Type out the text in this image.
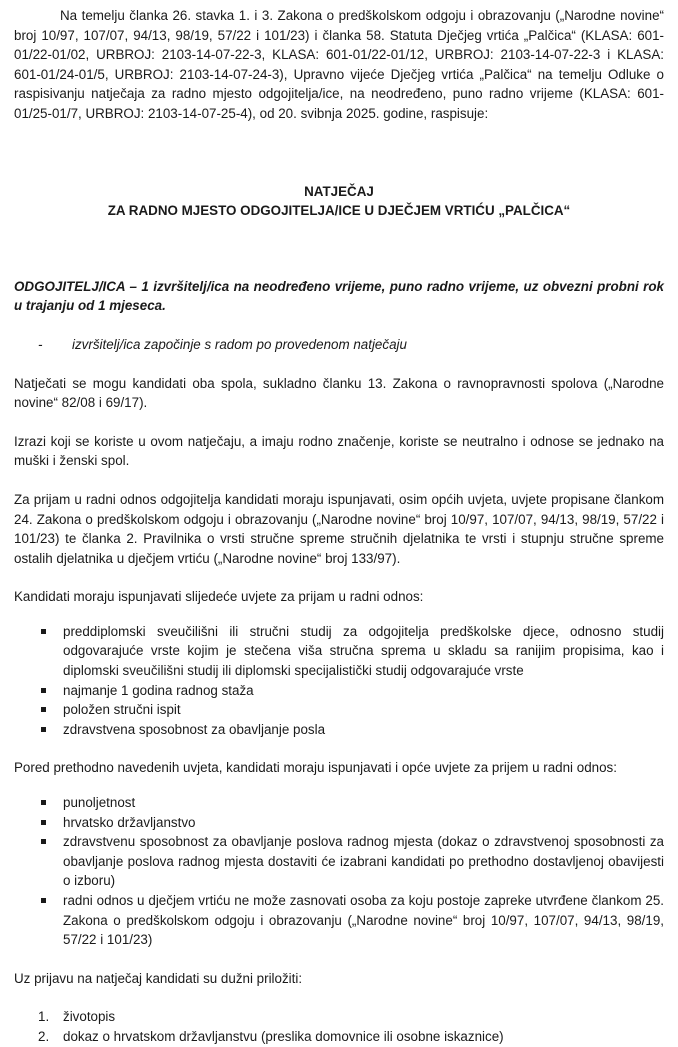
Na temelju članka 26. stavka 1. i 3. Zakona o predškolskom odgoju i obrazovanju („Narodne novine“ broj 10/97, 107/07, 94/13, 98/19, 57/22 i 101/23) i članka 58. Statuta Dječjeg vrtića „Palčica“ (KLASA: 601-01/22-01/02, URBROJ: 2103-14-07-22-3, KLASA: 601-01/22-01/12, URBROJ: 2103-14-07-22-3 i KLASA: 601-01/24-01/5, URBROJ: 2103-14-07-24-3), Upravno vijeće Dječjeg vrtića „Palčica“ na temelju Odluke o raspisivanju natječaja za radno mjesto odgojitelja/ice, na neodređeno, puno radno vrijeme (KLASA: 601-01/25-01/7, URBROJ: 2103-14-07-25-4), od 20. svibnja 2025. godine, raspisuje:

NATJEČAJ
ZA RADNO MJESTO ODGOJITELJA/ICE U DJEČJEM VRTIĆU „PALČICA“

ODGOJITELJ/ICA – 1 izvršitelj/ica na neodređeno vrijeme, puno radno vrijeme, uz obvezni probni rok u trajanju od 1 mjeseca.

-	izvršitelj/ica započinje s radom po provedenom natječaju

Natječati se mogu kandidati oba spola, sukladno članku 13. Zakona o ravnopravnosti spolova („Narodne novine“ 82/08 i 69/17).

Izrazi koji se koriste u ovom natječaju, a imaju rodno značenje, koriste se neutralno i odnose se jednako na muški i ženski spol.

Za prijam u radni odnos odgojitelja kandidati moraju ispunjavati, osim općih uvjeta, uvjete propisane člankom 24. Zakona o predškolskom odgoju i obrazovanju („Narodne novine“ broj 10/97, 107/07, 94/13, 98/19, 57/22 i 101/23) te članka 2. Pravilnika o vrsti stručne spreme stručnih djelatnika te vrsti i stupnju stručne spreme ostalih djelatnika u dječjem vrtiću („Narodne novine“ broj 133/97).

Kandidati moraju ispunjavati slijedeće uvjete za prijam u radni odnos:

preddiplomski sveučilišni ili stručni studij za odgojitelja predškolske djece, odnosno studij odgovarajuće vrste kojim je stečena viša stručna sprema u skladu sa ranijim propisima, kao i diplomski sveučilišni studij ili diplomski specijalistički studij odgovarajuće vrste
najmanje 1 godina radnog staža
položen stručni ispit
zdravstvena sposobnost za obavljanje posla

Pored prethodno navedenih uvjeta, kandidati moraju ispunjavati i opće uvjete za prijem u radni odnos:

punoljetnost
hrvatsko državljanstvo
zdravstvenu sposobnost za obavljanje poslova radnog mjesta (dokaz o zdravstvenoj sposobnosti za obavljanje poslova radnog mjesta dostaviti će izabrani kandidati po prethodno dostavljenoj obavijesti o izboru)
radni odnos u dječjem vrtiću ne može zasnovati osoba za koju postoje zapreke utvrđene člankom 25. Zakona o predškolskom odgoju i obrazovanju („Narodne novine“ broj 10/97, 107/07, 94/13, 98/19, 57/22 i 101/23)

Uz prijavu na natječaj kandidati su dužni priložiti:

1. životopis
2. dokaz o hrvatskom državljanstvu (preslika domovnice ili osobne iskaznice)
